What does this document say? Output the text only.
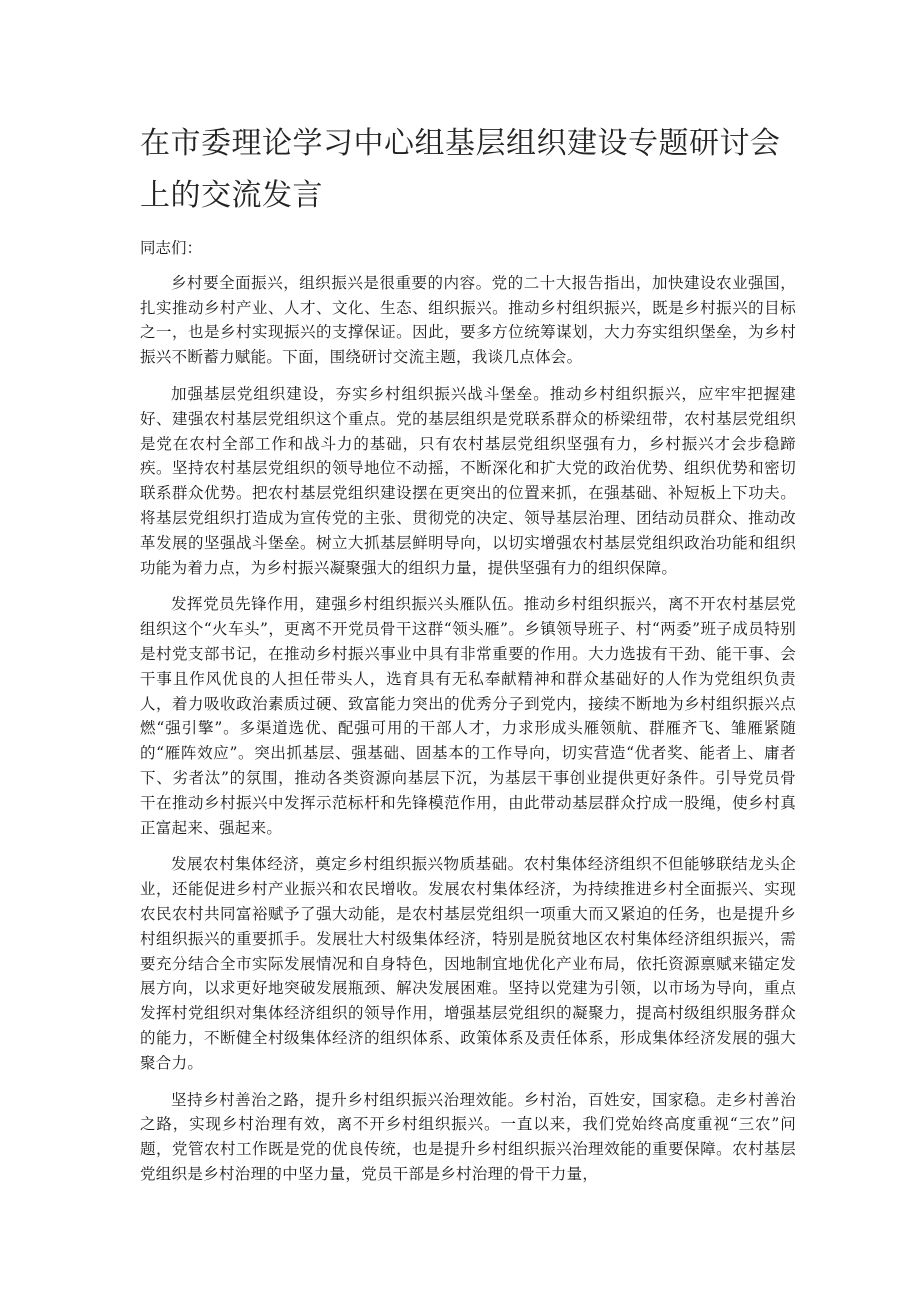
在市委理论学习中心组基层组织建设专题研讨会上的交流发言

同志们：

乡村要全面振兴，组织振兴是很重要的内容。党的二十大报告指出，加快建设农业强国，扎实推动乡村产业、人才、文化、生态、组织振兴。推动乡村组织振兴，既是乡村振兴的目标之一，也是乡村实现振兴的支撑保证。因此，要多方位统筹谋划，大力夯实组织堡垒，为乡村振兴不断蓄力赋能。下面，围绕研讨交流主题，我谈几点体会。

加强基层党组织建设，夯实乡村组织振兴战斗堡垒。推动乡村组织振兴，应牢牢把握建好、建强农村基层党组织这个重点。党的基层组织是党联系群众的桥梁纽带，农村基层党组织是党在农村全部工作和战斗力的基础，只有农村基层党组织坚强有力，乡村振兴才会步稳蹄疾。坚持农村基层党组织的领导地位不动摇，不断深化和扩大党的政治优势、组织优势和密切联系群众优势。把农村基层党组织建设摆在更突出的位置来抓，在强基础、补短板上下功夫。将基层党组织打造成为宣传党的主张、贯彻党的决定、领导基层治理、团结动员群众、推动改革发展的坚强战斗堡垒。树立大抓基层鲜明导向，以切实增强农村基层党组织政治功能和组织功能为着力点，为乡村振兴凝聚强大的组织力量，提供坚强有力的组织保障。

发挥党员先锋作用，建强乡村组织振兴头雁队伍。推动乡村组织振兴，离不开农村基层党组织这个“火车头”，更离不开党员骨干这群“领头雁”。乡镇领导班子、村“两委”班子成员特别是村党支部书记，在推动乡村振兴事业中具有非常重要的作用。大力选拔有干劲、能干事、会干事且作风优良的人担任带头人，选育具有无私奉献精神和群众基础好的人作为党组织负责人，着力吸收政治素质过硬、致富能力突出的优秀分子到党内，接续不断地为乡村组织振兴点燃“强引擎”。多渠道选优、配强可用的干部人才，力求形成头雁领航、群雁齐飞、雏雁紧随的“雁阵效应”。突出抓基层、强基础、固基本的工作导向，切实营造“优者奖、能者上、庸者下、劣者汰”的氛围，推动各类资源向基层下沉，为基层干事创业提供更好条件。引导党员骨干在推动乡村振兴中发挥示范标杆和先锋模范作用，由此带动基层群众拧成一股绳，使乡村真正富起来、强起来。

发展农村集体经济，奠定乡村组织振兴物质基础。农村集体经济组织不但能够联结龙头企业，还能促进乡村产业振兴和农民增收。发展农村集体经济，为持续推进乡村全面振兴、实现农民农村共同富裕赋予了强大动能，是农村基层党组织一项重大而又紧迫的任务，也是提升乡村组织振兴的重要抓手。发展壮大村级集体经济，特别是脱贫地区农村集体经济组织振兴，需要充分结合全市实际发展情况和自身特色，因地制宜地优化产业布局，依托资源禀赋来锚定发展方向，以求更好地突破发展瓶颈、解决发展困难。坚持以党建为引领，以市场为导向，重点发挥村党组织对集体经济组织的领导作用，增强基层党组织的凝聚力，提高村级组织服务群众的能力，不断健全村级集体经济的组织体系、政策体系及责任体系，形成集体经济发展的强大聚合力。

坚持乡村善治之路，提升乡村组织振兴治理效能。乡村治，百姓安，国家稳。走乡村善治之路，实现乡村治理有效，离不开乡村组织振兴。一直以来，我们党始终高度重视“三农”问题，党管农村工作既是党的优良传统，也是提升乡村组织振兴治理效能的重要保障。农村基层党组织是乡村治理的中坚力量，党员干部是乡村治理的骨干力量，
